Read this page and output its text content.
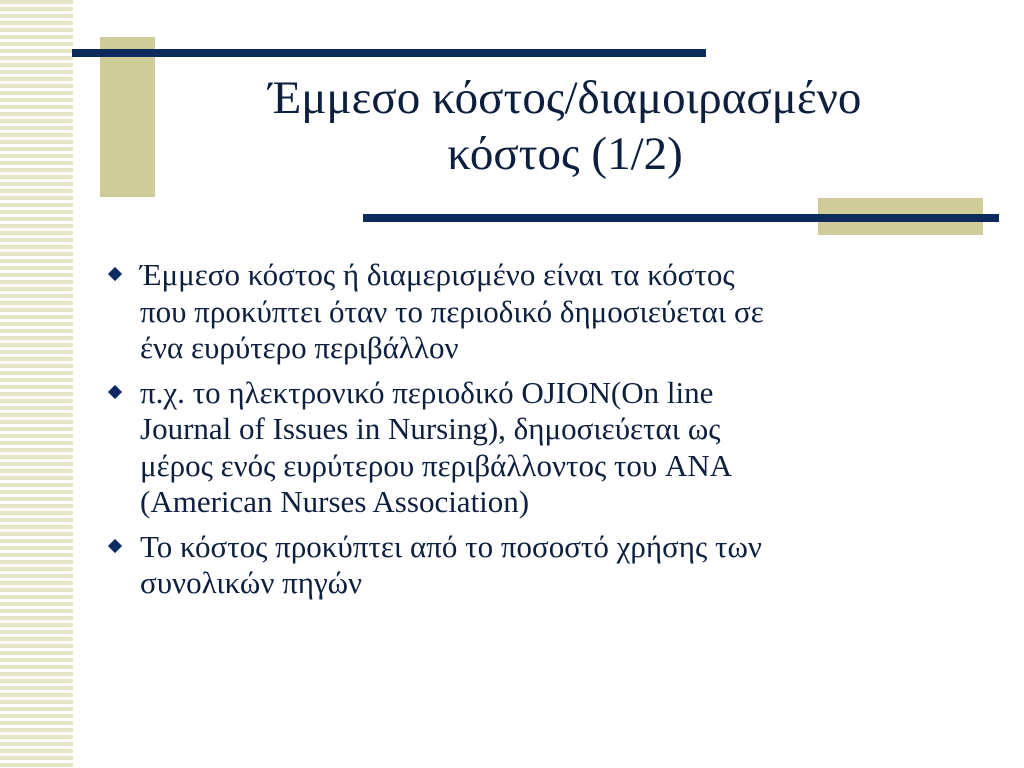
Έμμεσο κόστος/διαμοιρασμένο
κόστος (1/2)
Έμμεσο κόστος ή διαμερισμένο είναι τα κόστος
που προκύπτει όταν το περιοδικό δημοσιεύεται σε
ένα ευρύτερο περιβάλλον
π.χ. το ηλεκτρονικό περιοδικό OJION(On line
Journal of Issues in Nursing), δημοσιεύεται ως
μέρος ενός ευρύτερου περιβάλλοντος του ANA
(American Nurses Association)
Το κόστος προκύπτει από το ποσοστό χρήσης των
συνολικών πηγών
